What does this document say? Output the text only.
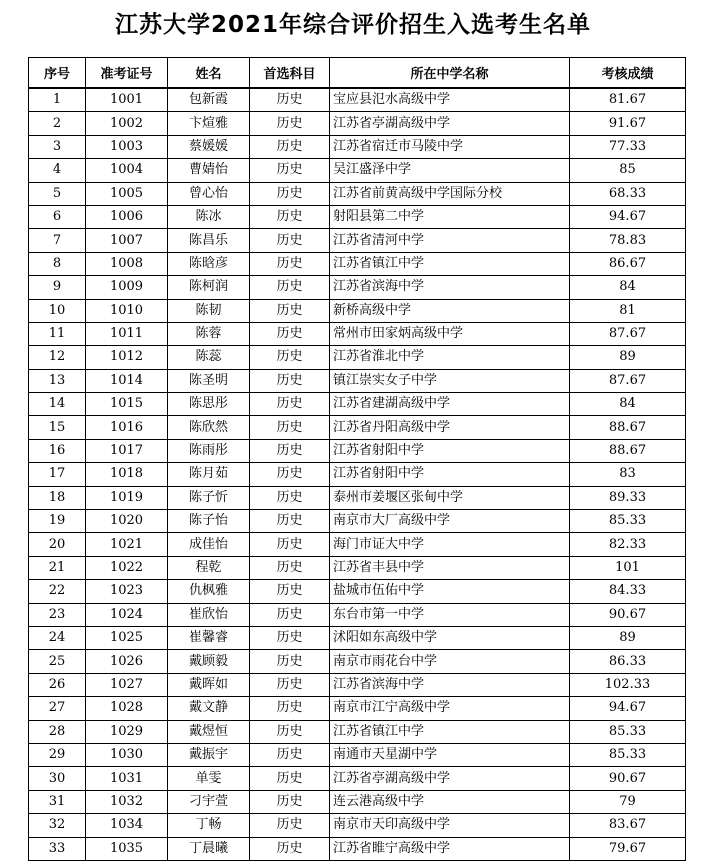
江苏大学2021年综合评价招生入选考生名单
序号	准考证号	姓名	首选科目	所在中学名称	考核成绩
1	1001	包新霞	历史	宝应县氾水高级中学	81.67
2	1002	卞煊雅	历史	江苏省亭湖高级中学	91.67
3	1003	蔡媛媛	历史	江苏省宿迁市马陵中学	77.33
4	1004	曹婧怡	历史	吴江盛泽中学	85
5	1005	曾心怡	历史	江苏省前黄高级中学国际分校	68.33
6	1006	陈冰	历史	射阳县第二中学	94.67
7	1007	陈昌乐	历史	江苏省清河中学	78.83
8	1008	陈晗彦	历史	江苏省镇江中学	86.67
9	1009	陈柯润	历史	江苏省滨海中学	84
10	1010	陈韧	历史	新桥高级中学	81
11	1011	陈蓉	历史	常州市田家炳高级中学	87.67
12	1012	陈蕊	历史	江苏省淮北中学	89
13	1014	陈圣明	历史	镇江崇实女子中学	87.67
14	1015	陈思彤	历史	江苏省建湖高级中学	84
15	1016	陈欣然	历史	江苏省丹阳高级中学	88.67
16	1017	陈雨彤	历史	江苏省射阳中学	88.67
17	1018	陈月茹	历史	江苏省射阳中学	83
18	1019	陈子忻	历史	泰州市姜堰区张甸中学	89.33
19	1020	陈子怡	历史	南京市大厂高级中学	85.33
20	1021	成佳怡	历史	海门市证大中学	82.33
21	1022	程乾	历史	江苏省丰县中学	101
22	1023	仇枫雅	历史	盐城市伍佑中学	84.33
23	1024	崔欣怡	历史	东台市第一中学	90.67
24	1025	崔馨睿	历史	沭阳如东高级中学	89
25	1026	戴顾毅	历史	南京市雨花台中学	86.33
26	1027	戴晖如	历史	江苏省滨海中学	102.33
27	1028	戴文静	历史	南京市江宁高级中学	94.67
28	1029	戴煜恒	历史	江苏省镇江中学	85.33
29	1030	戴振宇	历史	南通市天星湖中学	85.33
30	1031	单雯	历史	江苏省亭湖高级中学	90.67
31	1032	刁宇萱	历史	连云港高级中学	79
32	1034	丁畅	历史	南京市天印高级中学	83.67
33	1035	丁晨曦	历史	江苏省睢宁高级中学	79.67
